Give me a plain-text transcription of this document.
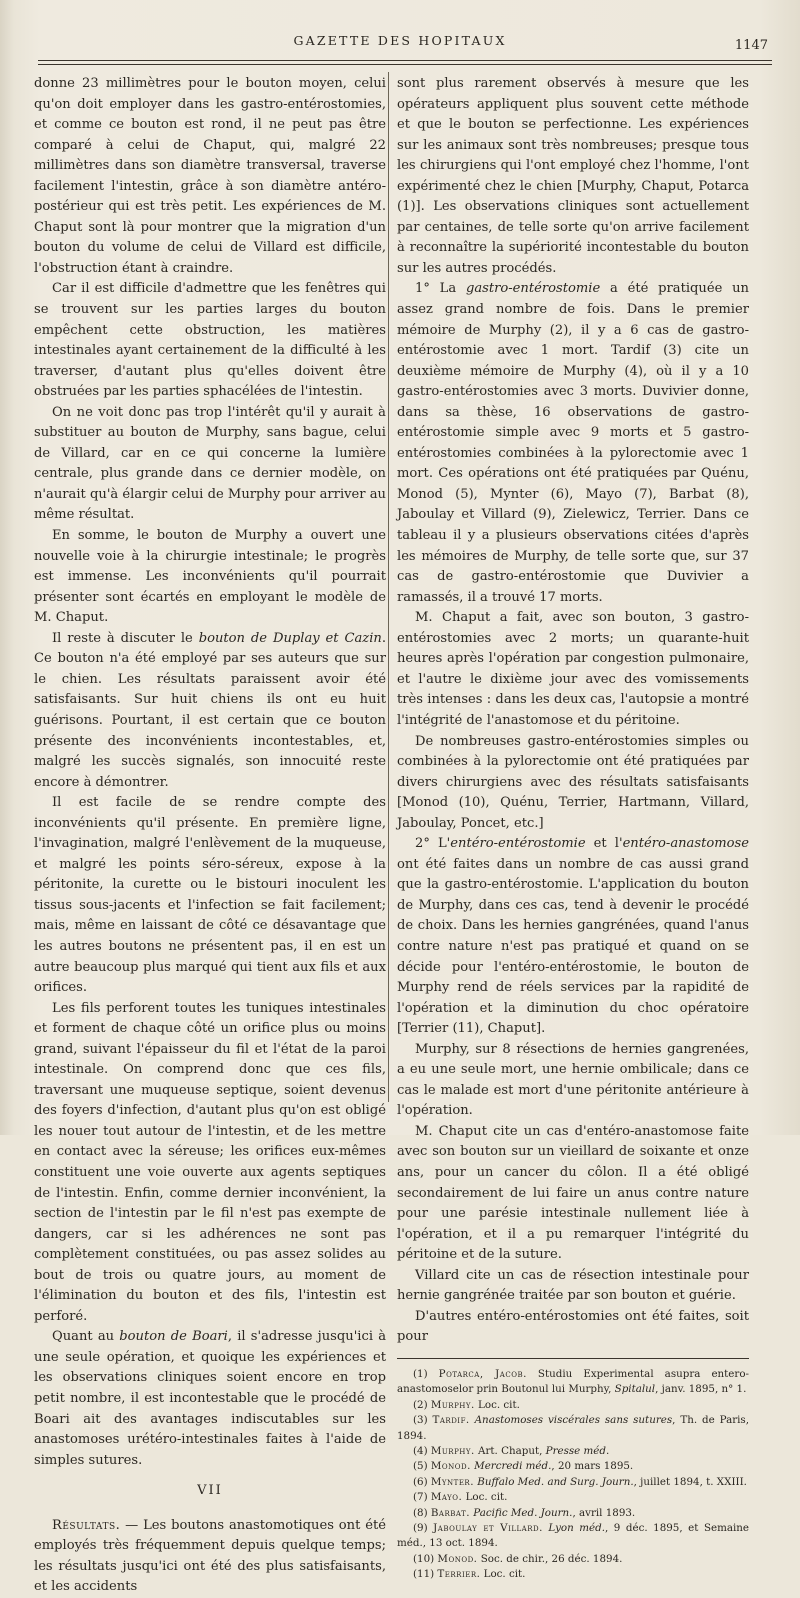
GAZETTE DES HOPITAUX	1147

donne 23 millimètres pour le bouton moyen, celui qu'on doit employer dans les gastro-entérostomies, et comme ce bouton est rond, il ne peut pas être comparé à celui de Chaput, qui, malgré 22 millimètres dans son diamètre transversal, traverse facilement l'intestin, grâce à son diamètre antéro-postérieur qui est très petit. Les expériences de M. Chaput sont là pour montrer que la migration d'un bouton du volume de celui de Villard est difficile, l'obstruction étant à craindre.

Car il est difficile d'admettre que les fenêtres qui se trouvent sur les parties larges du bouton empêchent cette obstruction, les matières intestinales ayant certainement de la difficulté à les traverser, d'autant plus qu'elles doivent être obstruées par les parties sphacélées de l'intestin.

On ne voit donc pas trop l'intérêt qu'il y aurait à substituer au bouton de Murphy, sans bague, celui de Villard, car en ce qui concerne la lumière centrale, plus grande dans ce dernier modèle, on n'aurait qu'à élargir celui de Murphy pour arriver au même résultat.

En somme, le bouton de Murphy a ouvert une nouvelle voie à la chirurgie intestinale; le progrès est immense. Les inconvénients qu'il pourrait présenter sont écartés en employant le modèle de M. Chaput.

Il reste à discuter le bouton de Duplay et Cazin. Ce bouton n'a été employé par ses auteurs que sur le chien. Les résultats paraissent avoir été satisfaisants. Sur huit chiens ils ont eu huit guérisons. Pourtant, il est certain que ce bouton présente des inconvénients incontestables, et, malgré les succès signalés, son innocuité reste encore à démontrer.

Il est facile de se rendre compte des inconvénients qu'il présente. En première ligne, l'invagination, malgré l'enlèvement de la muqueuse, et malgré les points séro-séreux, expose à la péritonite, la curette ou le bistouri inoculent les tissus sous-jacents et l'infection se fait facilement; mais, même en laissant de côté ce désavantage que les autres boutons ne présentent pas, il en est un autre beaucoup plus marqué qui tient aux fils et aux orifices.

Les fils perforent toutes les tuniques intestinales et forment de chaque côté un orifice plus ou moins grand, suivant l'épaisseur du fil et l'état de la paroi intestinale. On comprend donc que ces fils, traversant une muqueuse septique, soient devenus des foyers d'infection, d'autant plus qu'on est obligé les nouer tout autour de l'intestin, et de les mettre en contact avec la séreuse; les orifices eux-mêmes constituent une voie ouverte aux agents septiques de l'intestin. Enfin, comme dernier inconvénient, la section de l'intestin par le fil n'est pas exempte de dangers, car si les adhérences ne sont pas complètement constituées, ou pas assez solides au bout de trois ou quatre jours, au moment de l'élimination du bouton et des fils, l'intestin est perforé.

Quant au bouton de Boari, il s'adresse jusqu'ici à une seule opération, et quoique les expériences et les observations cliniques soient encore en trop petit nombre, il est incontestable que le procédé de Boari ait des avantages indiscutables sur les anastomoses urétéro-intestinales faites à l'aide de simples sutures.

VII

Résultats. — Les boutons anastomotiques ont été employés très fréquemment depuis quelque temps; les résultats jusqu'ici ont été des plus satisfaisants, et les accidents

sont plus rarement observés à mesure que les opérateurs appliquent plus souvent cette méthode et que le bouton se perfectionne. Les expériences sur les animaux sont très nombreuses; presque tous les chirurgiens qui l'ont employé chez l'homme, l'ont expérimenté chez le chien [Murphy, Chaput, Potarca (1)]. Les observations cliniques sont actuellement par centaines, de telle sorte qu'on arrive facilement à reconnaître la supériorité incontestable du bouton sur les autres procédés.

1° La gastro-entérostomie a été pratiquée un assez grand nombre de fois. Dans le premier mémoire de Murphy (2), il y a 6 cas de gastro-entérostomie avec 1 mort. Tardif (3) cite un deuxième mémoire de Murphy (4), où il y a 10 gastro-entérostomies avec 3 morts. Duvivier donne, dans sa thèse, 16 observations de gastro-entérostomie simple avec 9 morts et 5 gastro-entérostomies combinées à la pylorectomie avec 1 mort. Ces opérations ont été pratiquées par Quénu, Monod (5), Mynter (6), Mayo (7), Barbat (8), Jaboulay et Villard (9), Zielewicz, Terrier. Dans ce tableau il y a plusieurs observations citées d'après les mémoires de Murphy, de telle sorte que, sur 37 cas de gastro-entérostomie que Duvivier a ramassés, il a trouvé 17 morts.

M. Chaput a fait, avec son bouton, 3 gastro-entérostomies avec 2 morts; un quarante-huit heures après l'opération par congestion pulmonaire, et l'autre le dixième jour avec des vomissements très intenses : dans les deux cas, l'autopsie a montré l'intégrité de l'anastomose et du péritoine.

De nombreuses gastro-entérostomies simples ou combinées à la pylorectomie ont été pratiquées par divers chirurgiens avec des résultats satisfaisants [Monod (10), Quénu, Terrier, Hartmann, Villard, Jaboulay, Poncet, etc.]

2° L'entéro-entérostomie et l'entéro-anastomose ont été faites dans un nombre de cas aussi grand que la gastro-entérostomie. L'application du bouton de Murphy, dans ces cas, tend à devenir le procédé de choix. Dans les hernies gangrénées, quand l'anus contre nature n'est pas pratiqué et quand on se décide pour l'entéro-entérostomie, le bouton de Murphy rend de réels services par la rapidité de l'opération et la diminution du choc opératoire [Terrier (11), Chaput].

Murphy, sur 8 résections de hernies gangrenées, a eu une seule mort, une hernie ombilicale; dans ce cas le malade est mort d'une péritonite antérieure à l'opération.

M. Chaput cite un cas d'entéro-anastomose faite avec son bouton sur un vieillard de soixante et onze ans, pour un cancer du côlon. Il a été obligé secondairement de lui faire un anus contre nature pour une parésie intestinale nullement liée à l'opération, et il a pu remarquer l'intégrité du péritoine et de la suture.

Villard cite un cas de résection intestinale pour hernie gangrénée traitée par son bouton et guérie.

D'autres entéro-entérostomies ont été faites, soit pour

(1) Potarca, Jacob. Studiu Experimental asupra entero-anastomoselor prin Boutonul lui Murphy, Spitalul, janv. 1895, n° 1.
(2) Murphy. Loc. cit.
(3) Tardif. Anastomoses viscérales sans sutures, Th. de Paris, 1894.
(4) Murphy. Art. Chaput, Presse méd.
(5) Monod. Mercredi méd., 20 mars 1895.
(6) Mynter. Buffalo Med. and Surg. Journ., juillet 1894, t. XXIII.
(7) Mayo. Loc. cit.
(8) Barbat. Pacific Med. Journ., avril 1893.
(9) Jaboulay et Villard. Lyon méd., 9 déc. 1895, et Semaine méd., 13 oct. 1894.
(10) Monod. Soc. de chir., 26 déc. 1894.
(11) Terrier. Loc. cit.
